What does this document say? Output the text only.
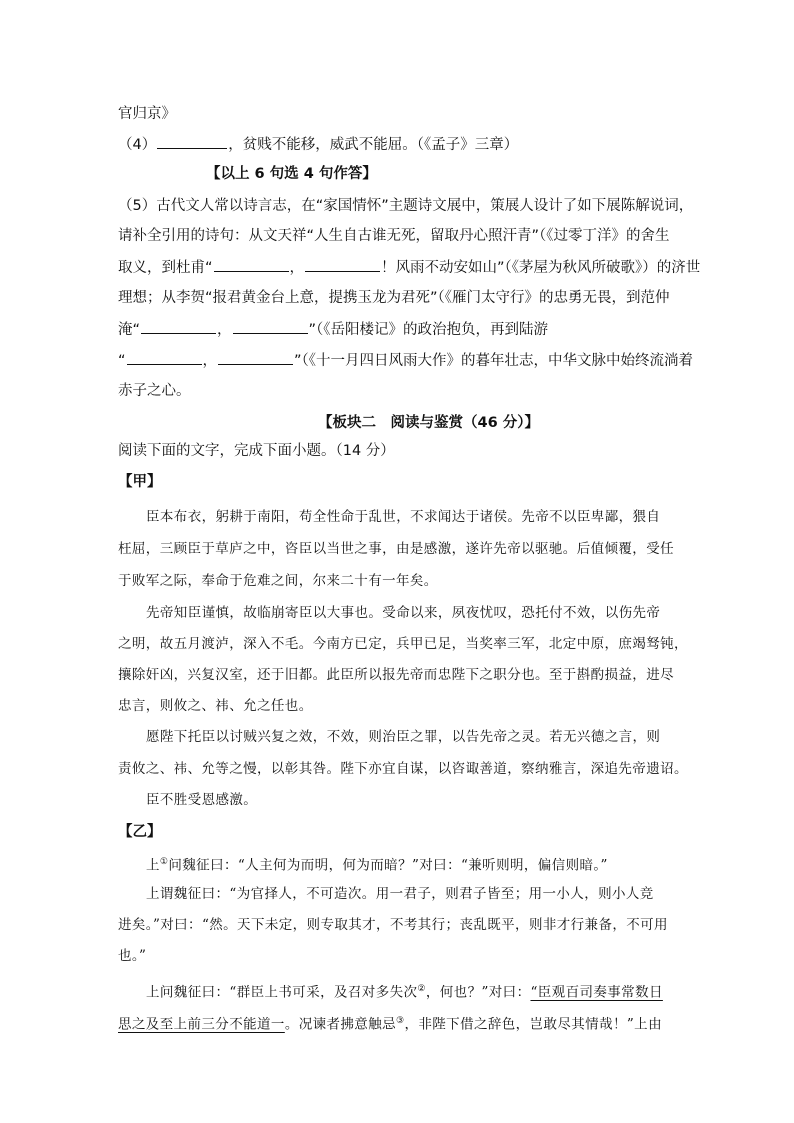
官归京》
（4）	，贫贱不能移，威武不能屈。（《孟子》三章）
【以上 6 句选 4 句作答】
（5）古代文人常以诗言志，在“家国情怀”主题诗文展中，策展人设计了如下展陈解说词，
请补全引用的诗句：从文天祥“人生自古谁无死，留取丹心照汗青”（《过零丁洋》的舍生
取义，到杜甫“	，	！风雨不动安如山”（《茅屋为秋风所破歌》）的济世
理想；从李贺“报君黄金台上意，提携玉龙为君死”（《雁门太守行》的忠勇无畏，到范仲
淹“	，	”（《岳阳楼记》的政治抱负，再到陆游
“	，	”（《十一月四日风雨大作》的暮年壮志，中华文脉中始终流淌着
赤子之心。
【板块二　阅读与鉴赏（46 分）】
阅读下面的文字，完成下面小题。（14 分）
【甲】
臣本布衣，躬耕于南阳，苟全性命于乱世，不求闻达于诸侯。先帝不以臣卑鄙，猥自
枉屈，三顾臣于草庐之中，咨臣以当世之事，由是感激，遂许先帝以驱驰。后值倾覆，受任
于败军之际，奉命于危难之间，尔来二十有一年矣。
先帝知臣谨慎，故临崩寄臣以大事也。受命以来，夙夜忧叹，恐托付不效，以伤先帝
之明，故五月渡泸，深入不毛。今南方已定，兵甲已足，当奖率三军，北定中原，庶竭驽钝，
攘除奸凶，兴复汉室，还于旧都。此臣所以报先帝而忠陛下之职分也。至于斟酌损益，进尽
忠言，则攸之、祎、允之任也。
愿陛下托臣以讨贼兴复之效，不效，则治臣之罪，以告先帝之灵。若无兴德之言，则
责攸之、祎、允等之慢，以彰其咎。陛下亦宜自谋，以咨诹善道，察纳雅言，深追先帝遗诏。
臣不胜受恩感激。
【乙】
上①问魏征曰：“人主何为而明，何为而暗？”对曰：“兼听则明，偏信则暗。”
上谓魏征曰：“为官择人，不可造次。用一君子，则君子皆至；用一小人，则小人竞
进矣。”对曰：“然。天下未定，则专取其才，不考其行；丧乱既平，则非才行兼备，不可用
也。”
上问魏征曰：“群臣上书可采，及召对多失次②，何也？”对曰：“臣观百司奏事常数日
思之及至上前三分不能道一。况谏者拂意触忌③，非陛下借之辞色，岂敢尽其情哉！”上由
